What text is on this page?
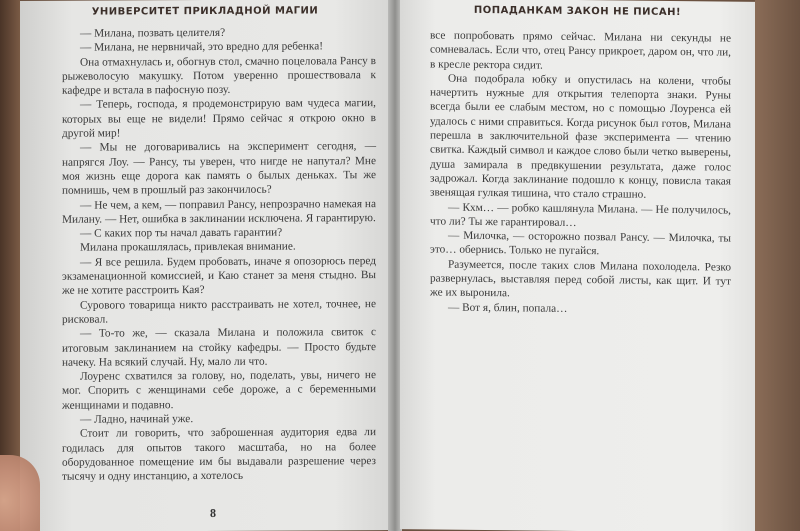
УНИВЕРСИТЕТ ПРИКЛАДНОЙ МАГИИ

— Милана, позвать целителя?

— Милана, не нервничай, это вредно для ребенка!

Она отмахнулась и, обогнув стол, смачно поцеловала Рансу в рыжеволосую макушку. Потом уверенно прошествовала к кафедре и встала в пафосную позу.

— Теперь, господа, я продемонстрирую вам чудеса магии, которых вы еще не видели! Прямо сейчас я открою окно в другой мир!

— Мы не договаривались на эксперимент сегодня, — напрягся Лоу. — Рансу, ты уверен, что нигде не напутал? Мне моя жизнь еще дорога как память о былых деньках. Ты же помнишь, чем в прошлый раз закончилось?

— Не чем, а кем, — поправил Рансу, непрозрачно намекая на Милану. — Нет, ошибка в заклинании исключена. Я гарантирую.

— С каких пор ты начал давать гарантии?

Милана прокашлялась, привлекая внимание.

— Я все решила. Будем пробовать, иначе я опозорюсь перед экзаменационной комиссией, и Каю станет за меня стыдно. Вы же не хотите расстроить Кая?

Сурового товарища никто расстраивать не хотел, точнее, не рисковал.

— То-то же, — сказала Милана и положила свиток с итоговым заклинанием на стойку кафедры. — Просто будьте начеку. На всякий случай. Ну, мало ли что.

Лоуренс схватился за голову, но, поделать, увы, ничего не мог. Спорить с женщинами себе дороже, а с беременными женщинами и подавно.

— Ладно, начинай уже.

Стоит ли говорить, что заброшенная аудитория едва ли годилась для опытов такого масштаба, но на более оборудованное помещение им бы выдавали разрешение через тысячу и одну инстанцию, а хотелось

8
ПОПАДАНКАМ ЗАКОН НЕ ПИСАН!

все попробовать прямо сейчас. Милана ни секунды не сомневалась. Если что, отец Рансу прикроет, даром он, что ли, в кресле ректора сидит.

Она подобрала юбку и опустилась на колени, чтобы начертить нужные для открытия телепорта знаки. Руны всегда были ее слабым местом, но с помощью Лоуренса ей удалось с ними справиться. Когда рисунок был готов, Милана перешла в заключительной фазе эксперимента — чтению свитка. Каждый символ и каждое слово были четко выверены, душа замирала в предвкушении результата, даже голос задрожал. Когда заклинание подошло к концу, повисла такая звенящая гулкая тишина, что стало страшно.

— Кхм… — робко кашлянула Милана. — Не получилось, что ли? Ты же гарантировал…

— Милочка, — осторожно позвал Рансу. — Милочка, ты это… обернись. Только не пугайся.

Разумеется, после таких слов Милана похолодела. Резко развернулась, выставляя перед собой листы, как щит. И тут же их выронила.

— Вот я, блин, попала…
